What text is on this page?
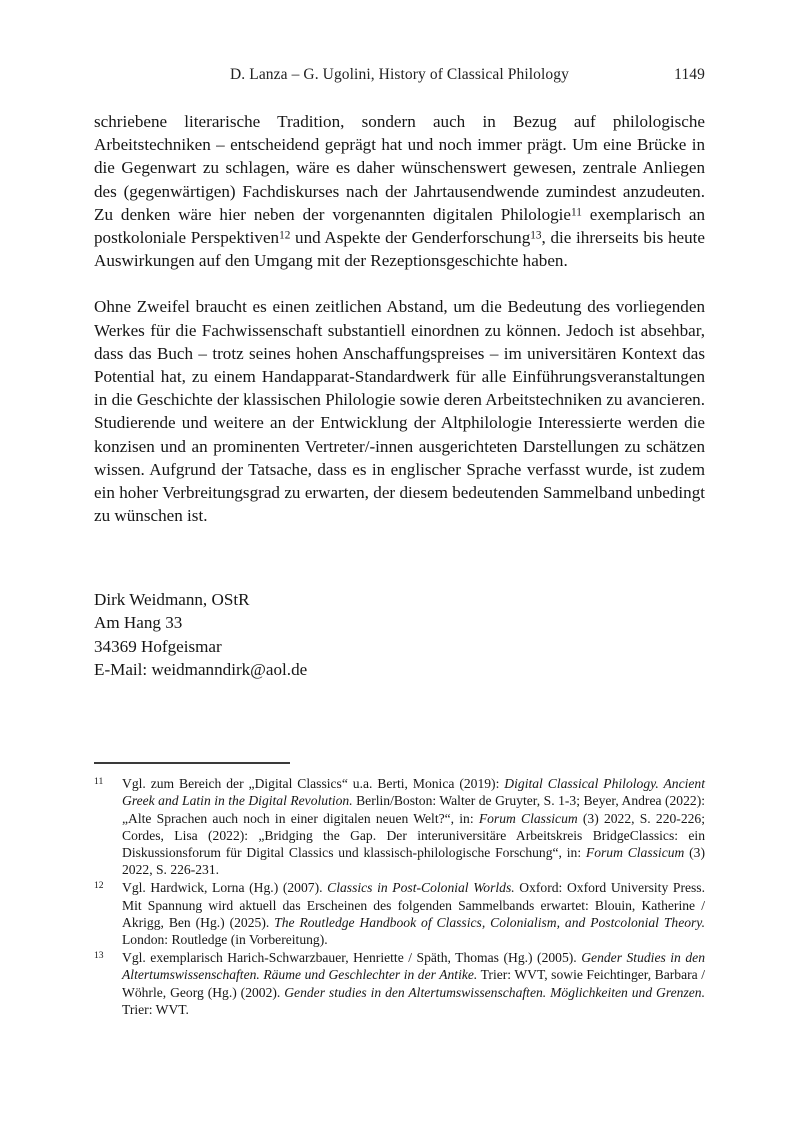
D. Lanza – G. Ugolini, History of Classical Philology	1149

schriebene literarische Tradition, sondern auch in Bezug auf philologische Arbeitstechniken – entscheidend geprägt hat und noch immer prägt. Um eine Brücke in die Gegenwart zu schlagen, wäre es daher wünschenswert gewesen, zentrale Anliegen des (gegenwärtigen) Fachdiskurses nach der Jahrtausendwende zumindest anzudeuten. Zu denken wäre hier neben der vorgenannten digitalen Philologie$^{11}$ exemplarisch an postkoloniale Perspektiven$^{12}$ und Aspekte der Genderforschung$^{13}$, die ihrerseits bis heute Auswirkungen auf den Umgang mit der Rezeptionsgeschichte haben.

Ohne Zweifel braucht es einen zeitlichen Abstand, um die Bedeutung des vorliegenden Werkes für die Fachwissenschaft substantiell einordnen zu können. Jedoch ist absehbar, dass das Buch – trotz seines hohen Anschaffungspreises – im universitären Kontext das Potential hat, zu einem Handapparat-Standardwerk für alle Einführungsveranstaltungen in die Geschichte der klassischen Philologie sowie deren Arbeitstechniken zu avancieren. Studierende und weitere an der Entwicklung der Altphilologie Interessierte werden die konzisen und an prominenten Vertreter/-innen ausgerichteten Darstellungen zu schätzen wissen. Aufgrund der Tatsache, dass es in englischer Sprache verfasst wurde, ist zudem ein hoher Verbreitungsgrad zu erwarten, der diesem bedeutenden Sammelband unbedingt zu wünschen ist.

Dirk Weidmann, OStR
Am Hang 33
34369 Hofgeismar
E-Mail: weidmanndirk@aol.de
11	Vgl. zum Bereich der „Digital Classics“ u.a. Berti, Monica (2019): Digital Classical Philology. Ancient Greek and Latin in the Digital Revolution. Berlin/Boston: Walter de Gruyter, S. 1-3; Beyer, Andrea (2022): „Alte Sprachen auch noch in einer digitalen neuen Welt?“, in: Forum Classicum (3) 2022, S. 220-226; Cordes, Lisa (2022): „Bridging the Gap. Der interuniversitäre Arbeitskreis BridgeClassics: ein Diskussionsforum für Digital Classics und klassisch-philologische Forschung“, in: Forum Classicum (3) 2022, S. 226-231.
12	Vgl. Hardwick, Lorna (Hg.) (2007). Classics in Post-Colonial Worlds. Oxford: Oxford University Press. Mit Spannung wird aktuell das Erscheinen des folgenden Sammelbands erwartet: Blouin, Katherine / Akrigg, Ben (Hg.) (2025). The Routledge Handbook of Classics, Colonialism, and Postcolonial Theory. London: Routledge (in Vorbereitung).
13	Vgl. exemplarisch Harich-Schwarzbauer, Henriette / Späth, Thomas (Hg.) (2005). Gender Studies in den Altertumswissenschaften. Räume und Geschlechter in der Antike. Trier: WVT, sowie Feichtinger, Barbara / Wöhrle, Georg (Hg.) (2002). Gender studies in den Altertumswissenschaften. Möglichkeiten und Grenzen. Trier: WVT.
